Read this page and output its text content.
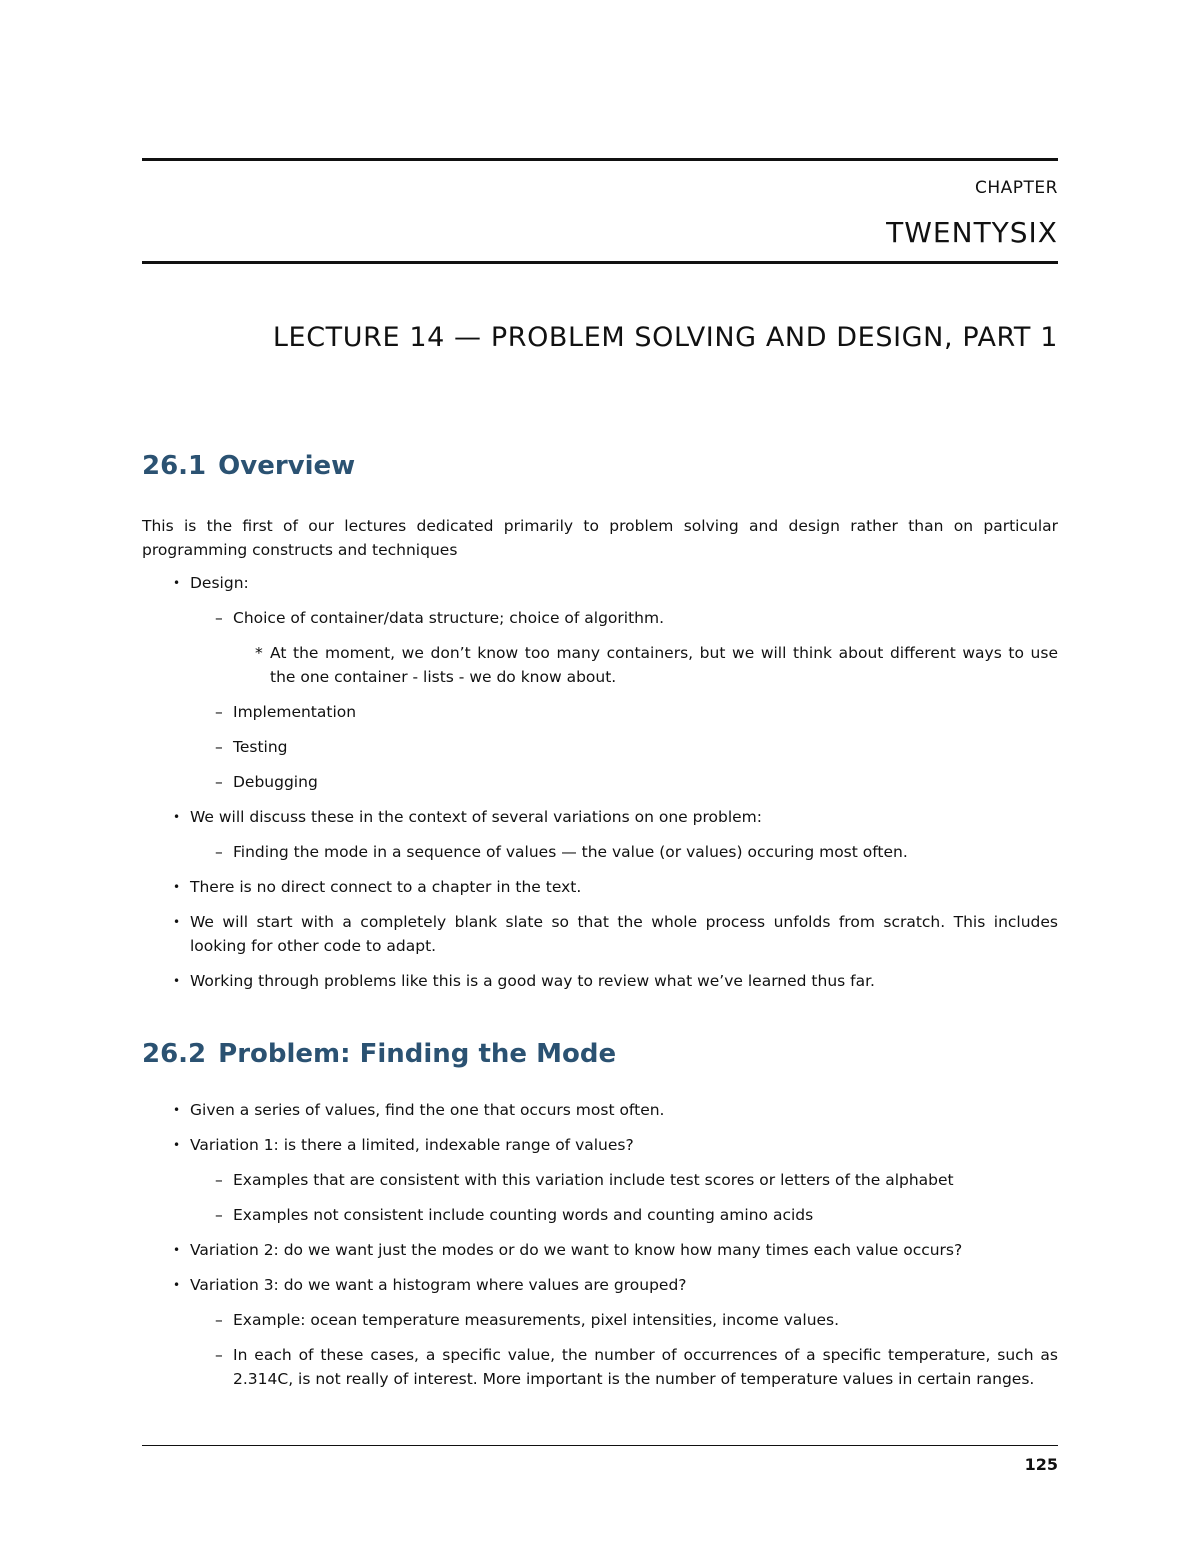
CHAPTER
TWENTYSIX
LECTURE 14 — PROBLEM SOLVING AND DESIGN, PART 1
26.1 Overview

This is the first of our lectures dedicated primarily to problem solving and design rather than on particular programming constructs and techniques

• Design:
– Choice of container/data structure; choice of algorithm.
* At the moment, we don’t know too many containers, but we will think about different ways to use the one container - lists - we do know about.
– Implementation
– Testing
– Debugging
• We will discuss these in the context of several variations on one problem:
– Finding the mode in a sequence of values — the value (or values) occuring most often.
• There is no direct connect to a chapter in the text.
• We will start with a completely blank slate so that the whole process unfolds from scratch. This includes looking for other code to adapt.
• Working through problems like this is a good way to review what we’ve learned thus far.
26.2 Problem: Finding the Mode
• Given a series of values, find the one that occurs most often.
• Variation 1: is there a limited, indexable range of values?
– Examples that are consistent with this variation include test scores or letters of the alphabet
– Examples not consistent include counting words and counting amino acids
• Variation 2: do we want just the modes or do we want to know how many times each value occurs?
• Variation 3: do we want a histogram where values are grouped?
– Example: ocean temperature measurements, pixel intensities, income values.
– In each of these cases, a specific value, the number of occurrences of a specific temperature, such as 2.314C, is not really of interest. More important is the number of temperature values in certain ranges.
125
